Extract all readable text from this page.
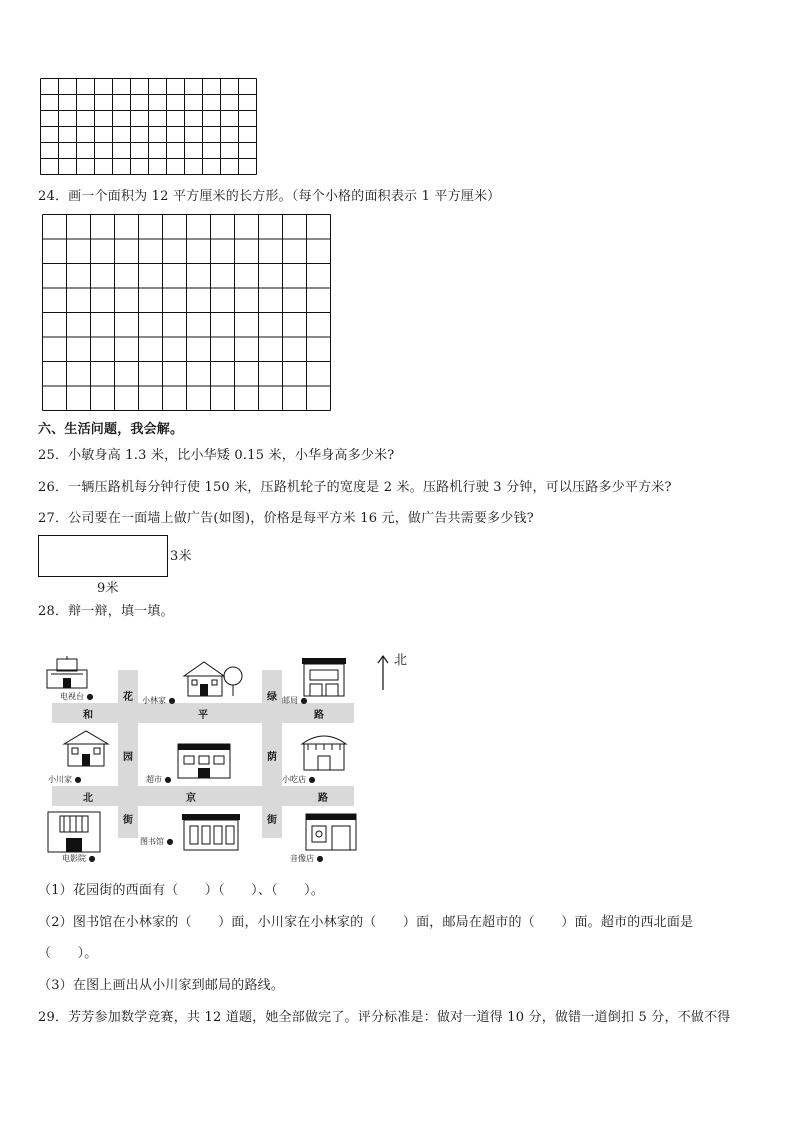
24．画一个面积为 12 平方厘米的长方形。（每个小格的面积表示 1 平方厘米）
六、生活问题，我会解。
25．小敏身高 1.3 米，比小华矮 0.15 米，小华身高多少米?
26．一辆压路机每分钟行使 150 米，压路机轮子的宽度是 2 米。压路机行驶 3 分钟，可以压路多少平方米?
27．公司要在一面墙上做广告(如图)，价格是每平方米 16 元，做广告共需要多少钱?
3米
9米
28．辩一辩，填一填。
和	平	路
北	京	路
花
园
街
绿
荫
街
电视台 ●	小林家 ●	邮局 ●
小川家 ●	超市 ●	小吃店 ●
电影院 ●
图书馆 ●
音像店 ●
北
（1）花园街的西面有（　　）（　　）、（　　）。
（2）图书馆在小林家的（　　）面，小川家在小林家的（　　）面，邮局在超市的（　　）面。超市的西北面是
（　　）。
（3）在图上画出从小川家到邮局的路线。
29．芳芳参加数学竞赛，共 12 道题，她全部做完了。评分标准是：做对一道得 10 分，做错一道倒扣 5 分，不做不得
